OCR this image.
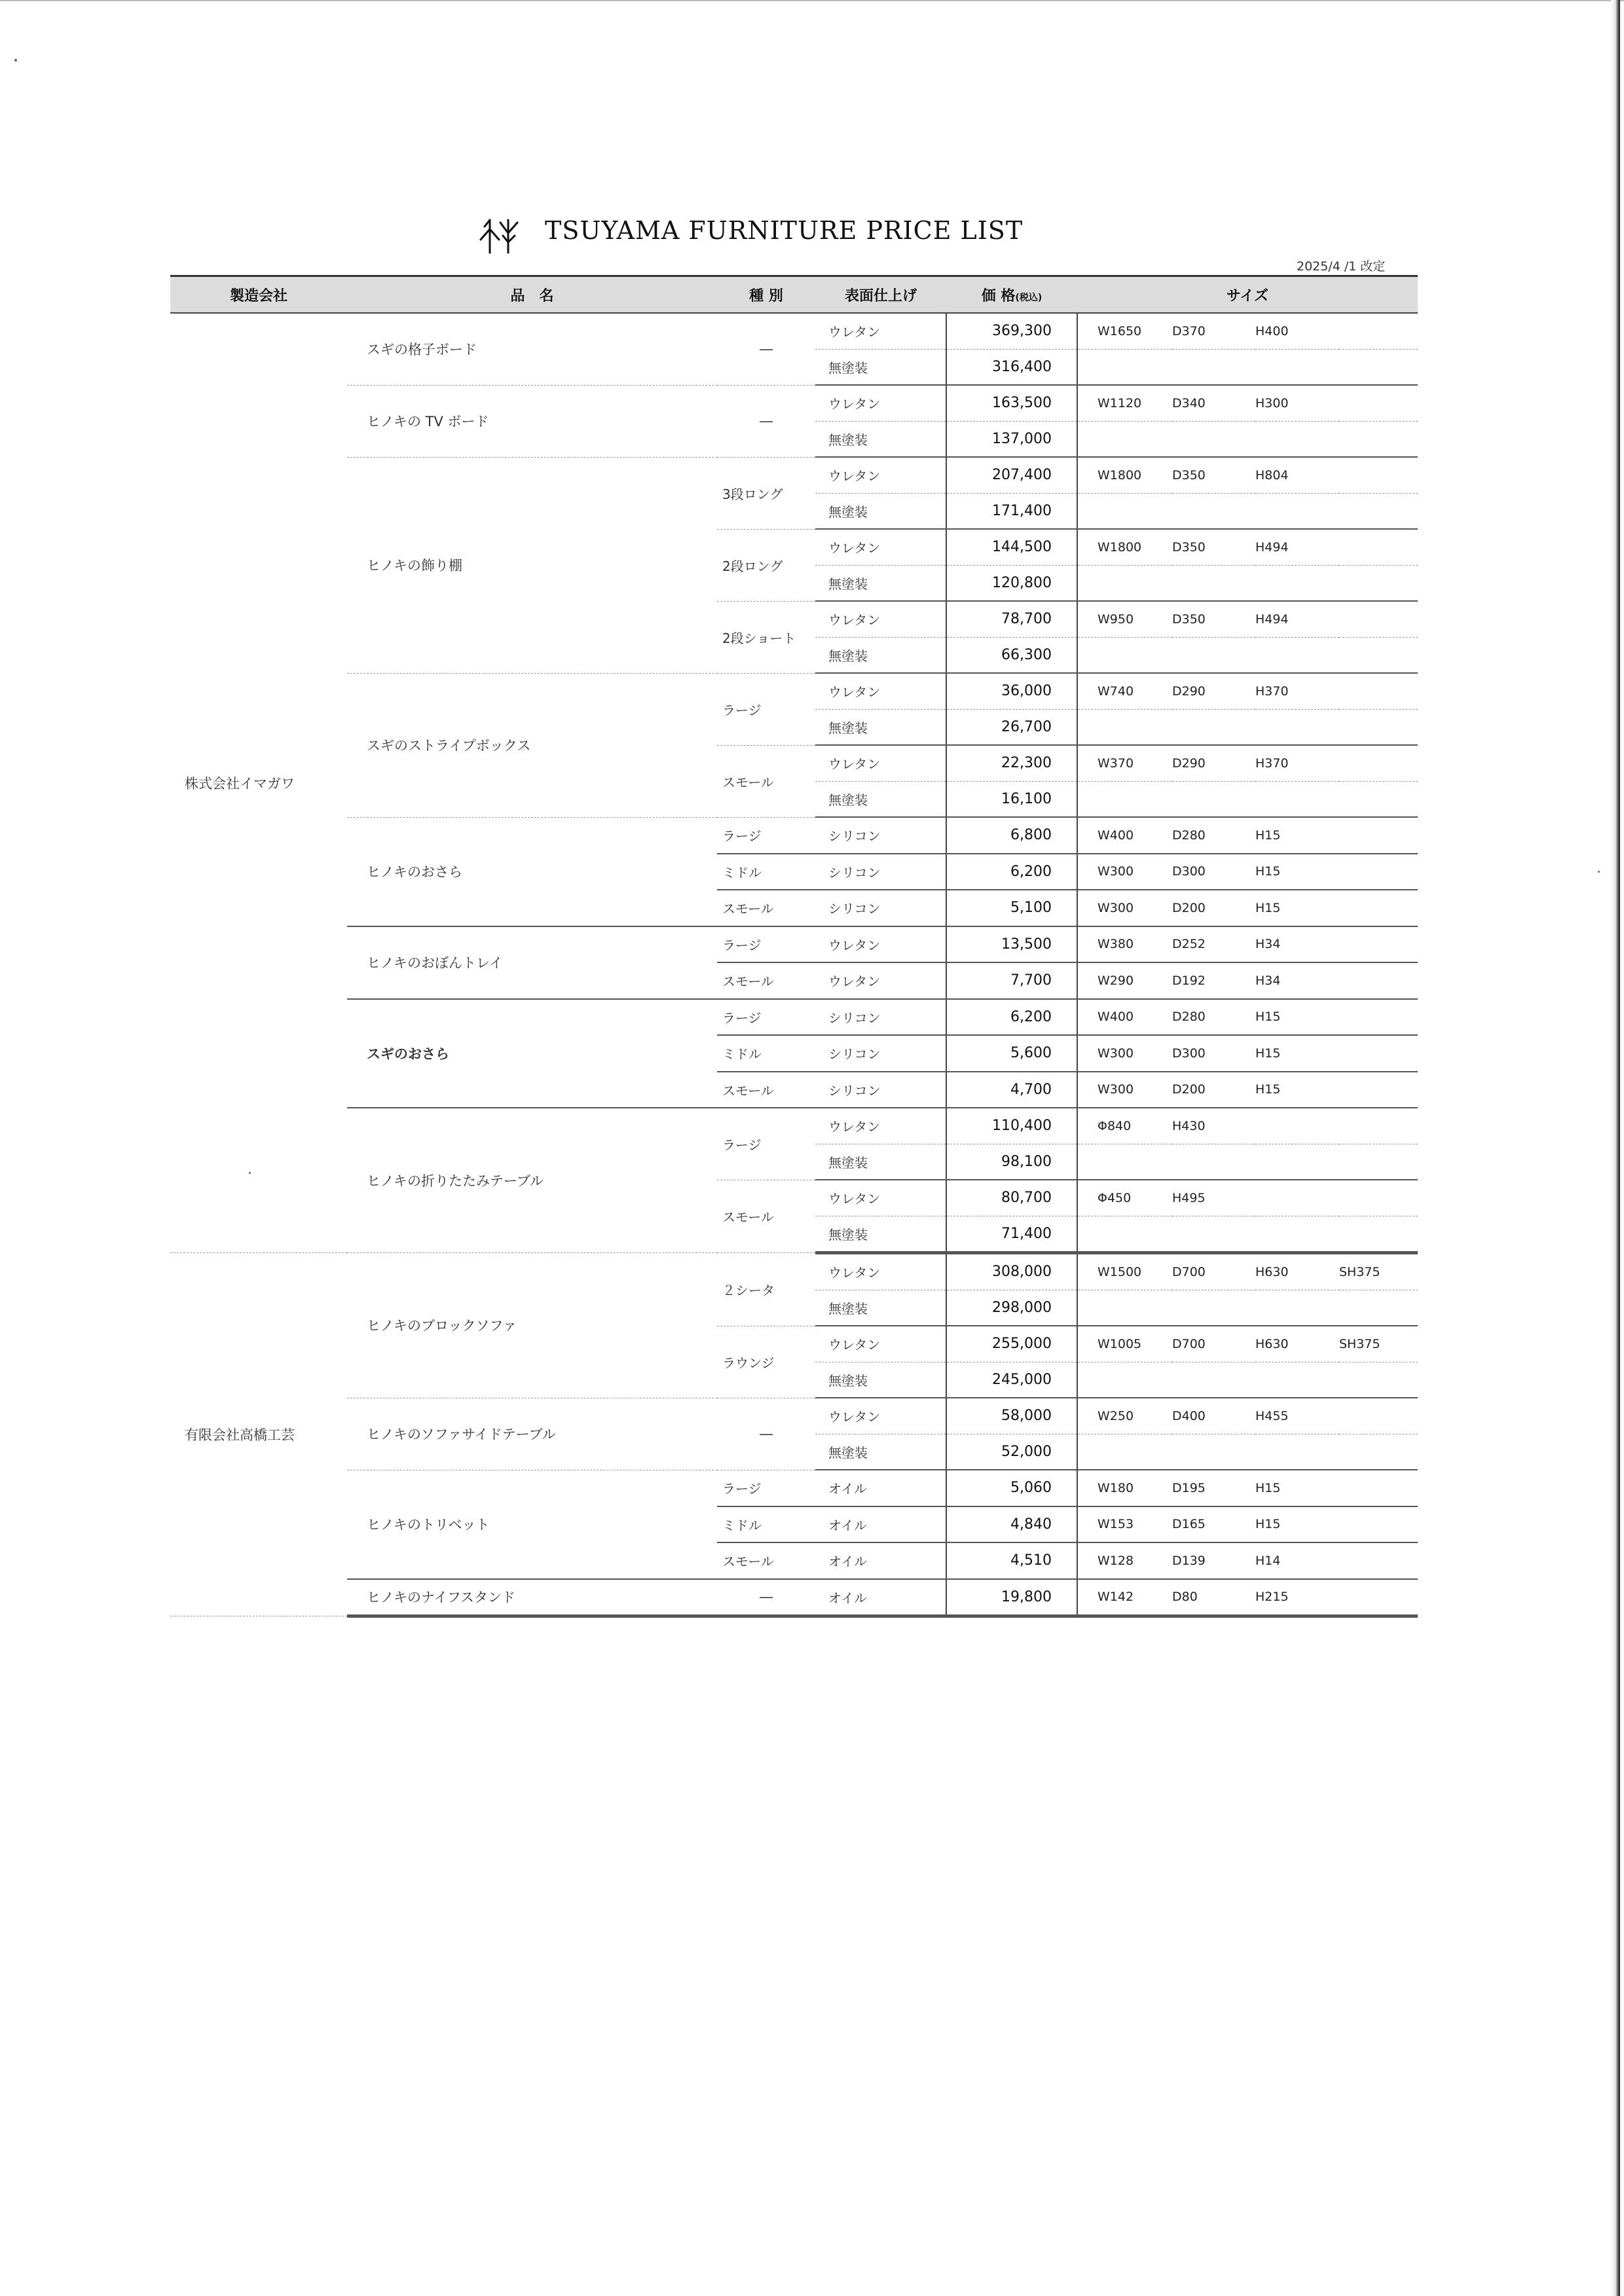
TSUYAMA FURNITURE PRICE LIST
2025/4 /1 改定
製造会社	品　名	種 別	表面仕上げ	価 格(税込)	サイズ			
株式会社イマガワ	スギの格子ボード	―	ウレタン	369,300	W1650	D370	H400	
			無塗装	316,400				
	ヒノキの TV ボード	―	ウレタン	163,500	W1120	D340	H300	
			無塗装	137,000				
	ヒノキの飾り棚	3段ロング	ウレタン	207,400	W1800	D350	H804	
			無塗装	171,400				
		2段ロング	ウレタン	144,500	W1800	D350	H494	
			無塗装	120,800				
		2段ショート	ウレタン	78,700	W950	D350	H494	
			無塗装	66,300				
	スギのストライプボックス	ラージ	ウレタン	36,000	W740	D290	H370	
			無塗装	26,700				
		スモール	ウレタン	22,300	W370	D290	H370	
			無塗装	16,100				
	ヒノキのおさら	ラージ	シリコン	6,800	W400	D280	H15	
		ミドル	シリコン	6,200	W300	D300	H15	
		スモール	シリコン	5,100	W300	D200	H15	
	ヒノキのおぼんトレイ	ラージ	ウレタン	13,500	W380	D252	H34	
		スモール	ウレタン	7,700	W290	D192	H34	
	スギのおさら	ラージ	シリコン	6,200	W400	D280	H15	
		ミドル	シリコン	5,600	W300	D300	H15	
		スモール	シリコン	4,700	W300	D200	H15	
	ヒノキの折りたたみテーブル	ラージ	ウレタン	110,400	Φ840	H430		
			無塗装	98,100				
		スモール	ウレタン	80,700	Φ450	H495		
			無塗装	71,400				
有限会社高橋工芸	ヒノキのブロックソファ	２シータ	ウレタン	308,000	W1500	D700	H630	SH375
			無塗装	298,000				
		ラウンジ	ウレタン	255,000	W1005	D700	H630	SH375
			無塗装	245,000				
	ヒノキのソファサイドテーブル	―	ウレタン	58,000	W250	D400	H455	
			無塗装	52,000				
	ヒノキのトリベット	ラージ	オイル	5,060	W180	D195	H15	
		ミドル	オイル	4,840	W153	D165	H15	
		スモール	オイル	4,510	W128	D139	H14	
	ヒノキのナイフスタンド	―	オイル	19,800	W142	D80	H215	
